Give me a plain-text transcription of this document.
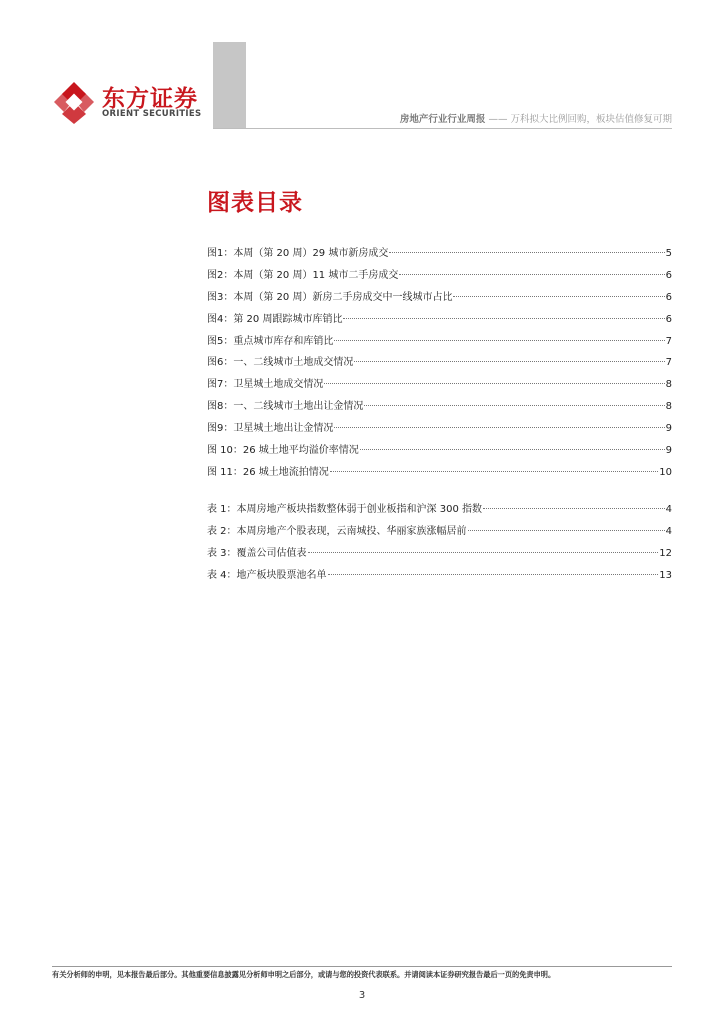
东方证券
ORIENT SECURITIES	房地产行业行业周报 —— 万科拟大比例回购，板块估值修复可期
图表目录
图1：本周（第 20 周）29 城市新房成交	5
图2：本周（第 20 周）11 城市二手房成交	6
图3：本周（第 20 周）新房二手房成交中一线城市占比	6
图4：第 20 周跟踪城市库销比	6
图5：重点城市库存和库销比	7
图6：一、二线城市土地成交情况	7
图7：卫星城土地成交情况	8
图8：一、二线城市土地出让金情况	8
图9：卫星城土地出让金情况	9
图 10：26 城土地平均溢价率情况	9
图 11：26 城土地流拍情况	10
表 1：本周房地产板块指数整体弱于创业板指和沪深 300 指数	4
表 2：本周房地产个股表现，云南城投、华丽家族涨幅居前	4
表 3：覆盖公司估值表	12
表 4：地产板块股票池名单	13
有关分析师的申明，见本报告最后部分。其他重要信息披露见分析师申明之后部分，或请与您的投资代表联系。并请阅读本证券研究报告最后一页的免责申明。
3
